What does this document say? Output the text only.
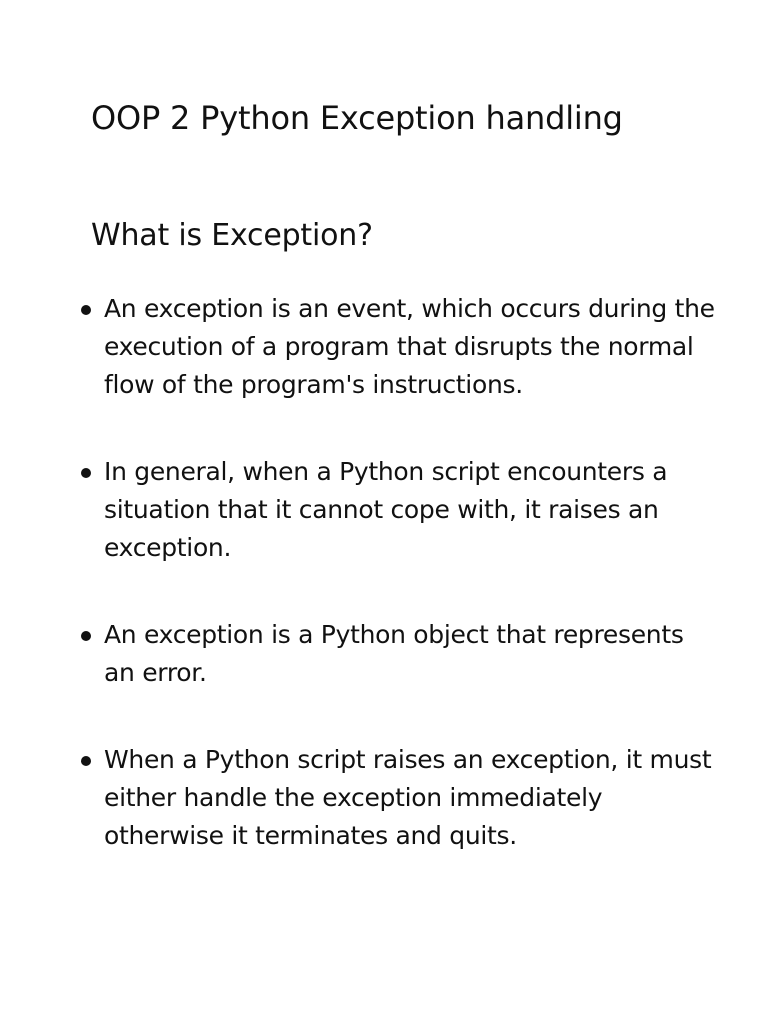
OOP 2 Python Exception handling
What is Exception?
An exception is an event, which occurs during the execution of a program that disrupts the normal flow of the program's instructions.
In general, when a Python script encounters a situation that it cannot cope with, it raises an exception.
An exception is a Python object that represents an error.
When a Python script raises an exception, it must either handle the exception immediately otherwise it terminates and quits.
